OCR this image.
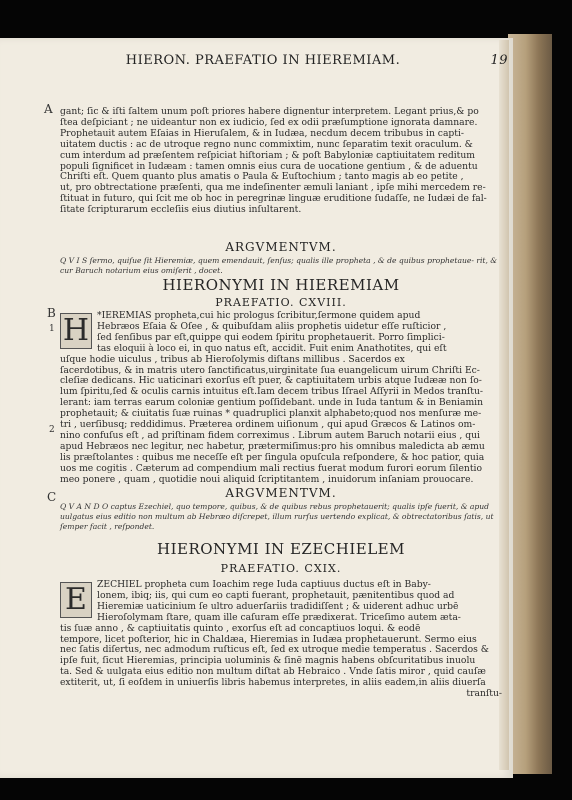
HIERON. PRAEFATIO IN HIEREMIAM.	19
A
B
1
2
C

gant; ſic & iſti ſaltem unum poſt priores habere dignentur interpretem. Legant prius,& po

ſtea deſpiciant ; ne uideantur non ex iudicio, ſed ex odii præſumptione ignorata damnare.

Prophetauit autem Eſaias in Hieruſalem, & in Iudæa, necdum decem tribubus in capti-

uitatem ductis : ac de utroque regno nunc commixtim, nunc ſeparatim texit oraculum. &

cum interdum ad præſentem reſpiciat hiſtoriam ; & poſt Babyloniæ captiuitatem reditum

populi ſignificet in Iudæam : tamen omnis eius cura de uocatione gentium , & de aduentu

Chriſti eſt. Quem quanto plus amatis o Paula & Euſtochium ; tanto magis ab eo petite ,

ut, pro obtrectatione præſenti, qua me indeſinenter æmuli laniant , ipſe mihi mercedem re-

ſtituat in futuro, qui ſcit me ob hoc in peregrinæ linguæ eruditione ſudaſſe, ne Iudæi de fal-

ſitate ſcripturarum eccleſiis eius diutius inſultarent.

ARGVMENTVM.
Q V I S ſermo, quiſue ſit Hieremiæ, quem emendauit, ſenſus; qualis ille propheta , & de quibus prophetaue- rit, & cur Baruch notarium eius omiſerit , docet.
HIERONYMI IN HIEREMIAM
PRAEFATIO. CXVIII.
H *IEREMIAS propheta,cui hic prologus ſcribitur,ſermone quidem apud

Hebræos Eſaia & Oſee , & quibuſdam aliis prophetis uidetur eſſe ruſticior ,

ſed ſenſibus par eſt,quippe qui eodem ſpiritu prophetauerit. Porro ſimplici-

tas eloquii à loco ei, in quo natus eſt, accidit. Fuit enim Anathotites, qui eſt

uſque hodie uiculus , tribus ab Hieroſolymis diſtans millibus . Sacerdos ex

ſacerdotibus, & in matris utero ſanctificatus,uirginitate ſua euangelicum uirum Chriſti Ec-

cleſiæ dedicans. Hic uaticinari exorſus eſt puer, & captiuitatem urbis atque Iudææ non ſo-

lum ſpiritu,ſed & oculis carnis intuitus eſt.Iam decem tribus Iſrael Aſſyrii in Medos tranſtu-

lerant: iam terras earum coloniæ gentium poſſidebant. unde in Iuda tantum & in Beniamin

prophetauit; & ciuitatis ſuæ ruinas * quadruplici planxit alphabeto;quod nos menſuræ me-

tri , uerſibusq; reddidimus. Præterea ordinem uiſionum , qui apud Græcos & Latinos om-

nino confuſus eſt , ad priſtinam fidem correximus . Librum autem Baruch notarii eius , qui

apud Hebræos nec legitur, nec habetur, prætermiſimus:pro his omnibus maledicta ab æmu

lis præſtolantes : quibus me neceſſe eſt per ſingula opuſcula reſpondere, & hoc patior, quia

uos me cogitis . Cæterum ad compendium mali rectius fuerat modum furori eorum ſilentio

meo ponere , quam , quotidie noui aliquid ſcriptitantem , inuidorum inſaniam prouocare.

ARGVMENTVM.
Q V A N D O captus Ezechiel, quo tempore, quibus, & de quibus rebus prophetauerit; qualis ipſe fuerit, & apud uulgatus eius editio non multum ab Hebræo diſcrepet, illum rurſus uertendo explicat, & obtrectatoribus ſatis, ut ſemper facit , reſpondet.
HIERONYMI IN EZECHIELEM
PRAEFATIO. CXIX.
E	ZECHIEL propheta cum Ioachim rege Iuda captiuus ductus eſt in Baby-

lonem, ibiq; iis, qui cum eo capti fuerant, prophetauit, pænitentibus quod ad

Hieremiæ uaticinium ſe ultro aduerſariis tradidiſſent ; & uiderent adhuc urbē

Hieroſolymam ſtare, quam ille caſuram eſſe prædixerat. Triceſimo autem æta-

tis ſuæ anno , & captiuitatis quinto , exorſus eſt ad concaptiuos loqui. & eodē

tempore, licet poſterior, hic in Chaldæa, Hieremias in Iudæa prophetauerunt. Sermo eius

nec ſatis diſertus, nec admodum ruſticus eſt, ſed ex utroque medie temperatus . Sacerdos &

ipſe fuit, ſicut Hieremias, principia uoluminis & ſinē magnis habens obſcuritatibus inuolu

ta. Sed & uulgata eius editio non multum diſtat ab Hebraico . Vnde ſatis miror , quid cauſæ

extiterit, ut, ſi eoſdem in uniuerſis libris habemus interpretes, in aliis eadem,in aliis diuerſa

tranſtu-
